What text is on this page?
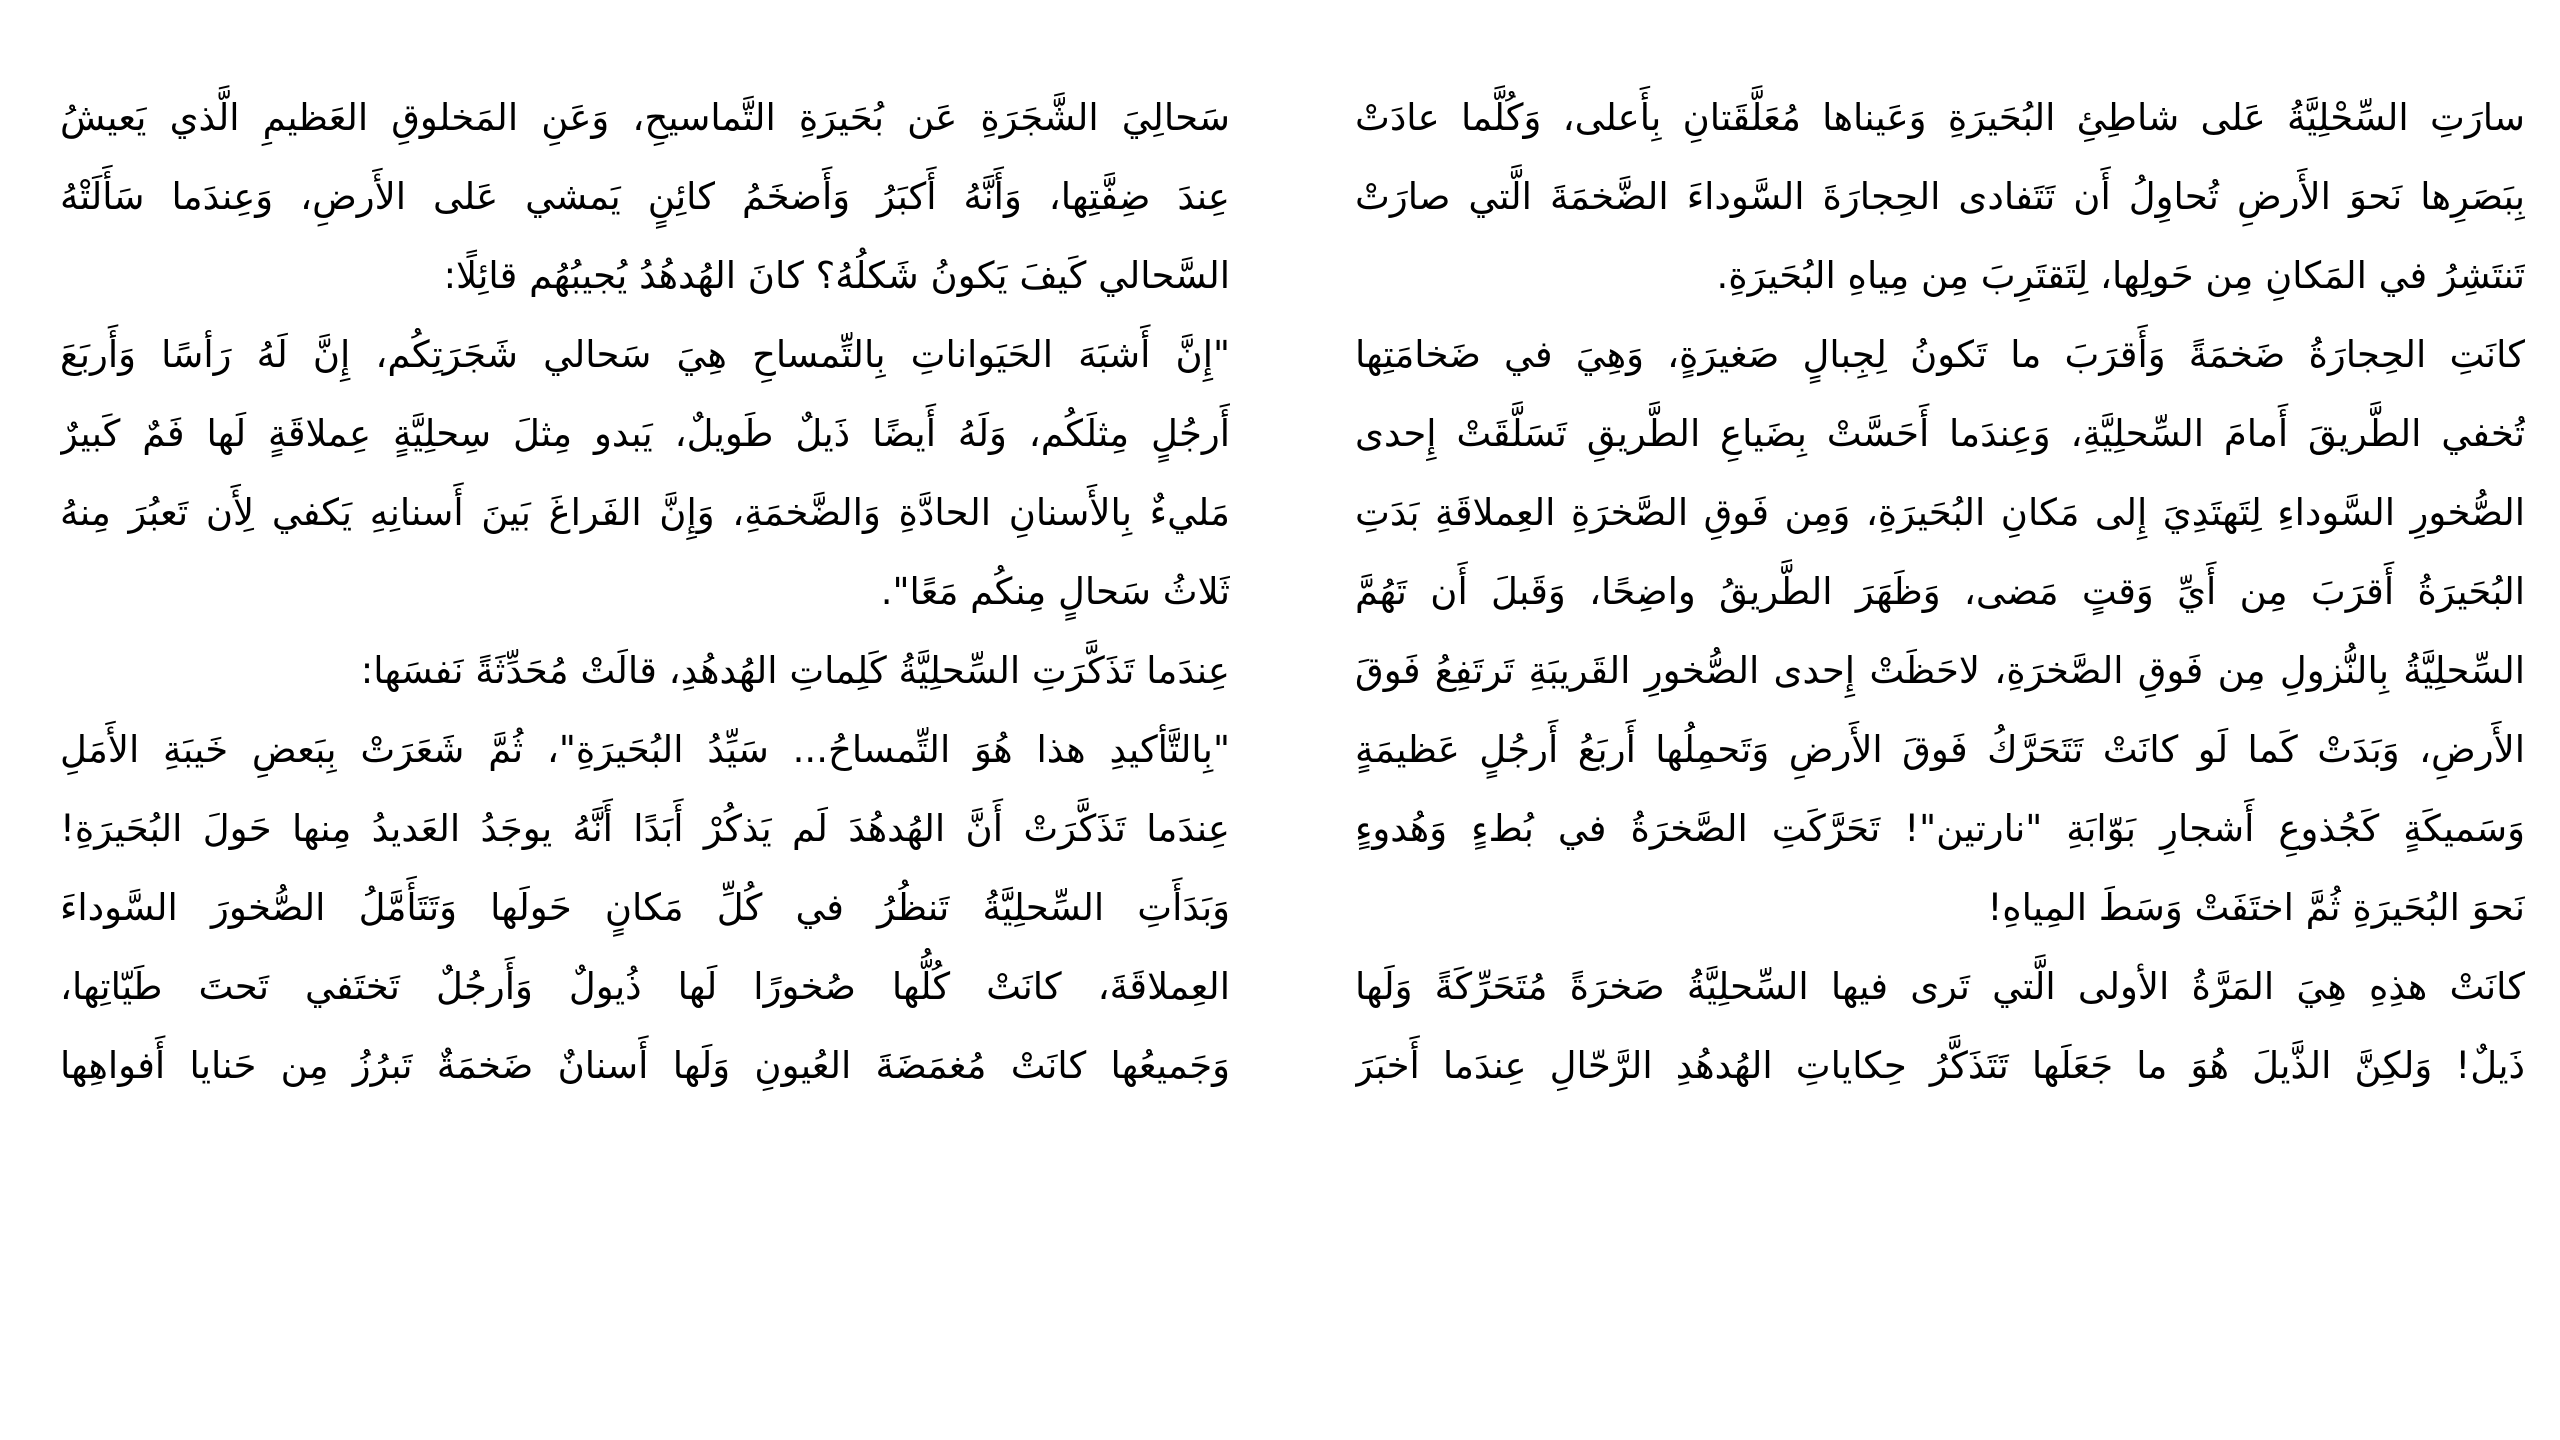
سارَتِ السِّحْلِيَّةُ عَلى شاطِئِ البُحَيرَةِ وَعَيناها مُعَلَّقَتانِ بِأَعلى، وَكُلَّما عادَتْ
بِبَصَرِها نَحوَ الأَرضِ تُحاوِلُ أَن تَتَفادى الحِجارَةَ السَّوداءَ الضَّخمَةَ الَّتي صارَتْ
تَنتَشِرُ في المَكانِ مِن حَولِها، لِتَقتَرِبَ مِن مِياهِ البُحَيرَةِ.
كانَتِ الحِجارَةُ ضَخمَةً وَأَقرَبَ ما تَكونُ لِجِبالٍ صَغيرَةٍ، وَهِيَ في ضَخامَتِها
تُخفي الطَّريقَ أَمامَ السِّحلِيَّةِ، وَعِندَما أَحَسَّتْ بِضَياعِ الطَّريقِ تَسَلَّقَتْ إِحدى
الصُّخورِ السَّوداءِ لِتَهتَدِيَ إِلى مَكانِ البُحَيرَةِ، وَمِن فَوقِ الصَّخرَةِ العِملاقَةِ بَدَتِ
البُحَيرَةُ أَقرَبَ مِن أَيِّ وَقتٍ مَضى، وَظَهَرَ الطَّريقُ واضِحًا، وَقَبلَ أَن تَهُمَّ
السِّحلِيَّةُ بِالنُّزولِ مِن فَوقِ الصَّخرَةِ، لاحَظَتْ إِحدى الصُّخورِ القَريبَةِ تَرتَفِعُ فَوقَ
الأَرضِ، وَبَدَتْ كَما لَو كانَتْ تَتَحَرَّكُ فَوقَ الأَرضِ وَتَحمِلُها أَربَعُ أَرجُلٍ عَظيمَةٍ
وَسَميكَةٍ كَجُذوعِ أَشجارِ بَوّابَةِ "نارتين"! تَحَرَّكَتِ الصَّخرَةُ في بُطءٍ وَهُدوءٍ
نَحوَ البُحَيرَةِ ثُمَّ اختَفَتْ وَسَطَ المِياهِ!
كانَتْ هذِهِ هِيَ المَرَّةُ الأولى الَّتي تَرى فيها السِّحلِيَّةُ صَخرَةً مُتَحَرِّكَةً وَلَها
ذَيلٌ! وَلكِنَّ الذَّيلَ هُوَ ما جَعَلَها تَتَذَكَّرُ حِكاياتِ الهُدهُدِ الرَّحّالِ عِندَما أَخبَرَ
سَحالِيَ الشَّجَرَةِ عَن بُحَيرَةِ التَّماسيحِ، وَعَنِ المَخلوقِ العَظيمِ الَّذي يَعيشُ
عِندَ ضِفَّتِها، وَأَنَّهُ أَكبَرُ وَأَضخَمُ كائِنٍ يَمشي عَلى الأَرضِ، وَعِندَما سَأَلَتْهُ
السَّحالي كَيفَ يَكونُ شَكلُهُ؟ كانَ الهُدهُدُ يُجيبُهُم قائِلًا:
"إِنَّ أَشبَهَ الحَيَواناتِ بِالتِّمساحِ هِيَ سَحالي شَجَرَتِكُم، إِنَّ لَهُ رَأسًا وَأَربَعَ
أَرجُلٍ مِثلَكُم، وَلَهُ أَيضًا ذَيلٌ طَويلٌ، يَبدو مِثلَ سِحلِيَّةٍ عِملاقَةٍ لَها فَمٌ كَبيرٌ
مَليءٌ بِالأَسنانِ الحادَّةِ وَالضَّخمَةِ، وَإِنَّ الفَراغَ بَينَ أَسنانِهِ يَكفي لِأَن تَعبُرَ مِنهُ
ثَلاثُ سَحالٍ مِنكُم مَعًا".
عِندَما تَذَكَّرَتِ السِّحلِيَّةُ كَلِماتِ الهُدهُدِ، قالَتْ مُحَدِّثَةً نَفسَها:
"بِالتَّأكيدِ هذا هُوَ التِّمساحُ... سَيِّدُ البُحَيرَةِ"، ثُمَّ شَعَرَتْ بِبَعضِ خَيبَةِ الأَمَلِ
عِندَما تَذَكَّرَتْ أَنَّ الهُدهُدَ لَم يَذكُرْ أَبَدًا أَنَّهُ يوجَدُ العَديدُ مِنها حَولَ البُحَيرَةِ!
وَبَدَأَتِ السِّحلِيَّةُ تَنظُرُ في كُلِّ مَكانٍ حَولَها وَتَتَأَمَّلُ الصُّخورَ السَّوداءَ
العِملاقَةَ، كانَتْ كُلُّها صُخورًا لَها ذُيولٌ وَأَرجُلٌ تَختَفي تَحتَ طَيّاتِها،
وَجَميعُها كانَتْ مُغمَضَةَ العُيونِ وَلَها أَسنانٌ ضَخمَةٌ تَبرُزُ مِن حَنايا أَفواهِها
